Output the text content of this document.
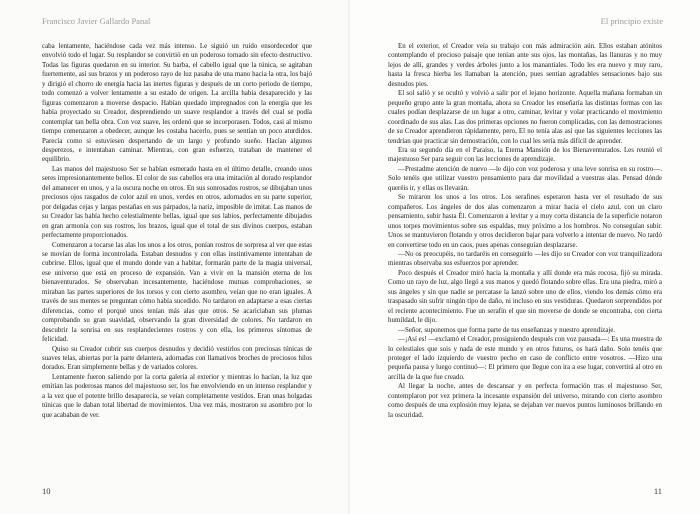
Francisco Javier Gallardo Panal

caba lentamente, haciéndose cada vez más intenso. Le siguió un ruido ensordecedor que envolvió todo el lugar. Su resplandor se convirtió en un poderoso tornado sin efecto destructivo. Todas las figuras quedaron en su interior. Su barba, el cabello igual que la túnica, se agitaban fuertemente, así sus brazos y un poderoso rayo de luz pasaba de una mano hacia la otra, los bajó y dirigió el chorro de energía hacia las inertes figuras y después de un corto periodo de tiempo, todo comenzó a volver lentamente a su estado de origen. La arcilla había desaparecido y las figuras comenzaron a moverse despacio. Habían quedado impregnados con la energía que les había proyectado su Creador, desprendiendo un suave resplandor a través del cual se podía contemplar tan bella obra. Con voz suave, les ordenó que se incorporasen. Todos, casi al mismo tiempo comenzaron a obedecer, aunque les costaba hacerlo, pues se sentían un poco aturdidos. Parecía como si estuviesen despertando de un largo y profundo sueño. Hacían algunos desperezos, e intentaban caminar. Mientras, con gran esfuerzo, trataban de mantener el equilibrio.

Las manos del majestuoso Ser se habían esmerado hasta en el último detalle, creando unos seres impresionantemente bellos. El color de sus cabellos era una imitación al dorado resplandor del amanecer en unos, y a la oscura noche en otros. En sus sonrosados rostros, se dibujaban unos preciosos ojos rasgados de color azul en unos, verdes en otros, adornados en su parte superior, por delgadas cejas y largas pestañas en sus párpados, la nariz, imposible de imitar. Las manos de su Creador las había hecho celestialmente bellas, igual que sus labios, perfectamente dibujados en gran armonía con sus rostros, los brazos, igual que el total de sus divinos cuerpos, estaban perfectamente proporcionados.

Comenzaron a tocarse las alas los unos a los otros, ponían rostros de sorpresa al ver que estas se movían de forma incontrolada. Estaban desnudos y con ellas instintivamente intentaban de cubrirse. Ellos, igual que el mundo donde van a habitar, formarán parte de la magia universal, ese universo que está en proceso de expansión. Van a vivir en la mansión eterna de los bienaventurados. Se observaban incesantemente, haciéndose mutuas comprobaciones, se miraban las partes superiores de los torsos y con cierto asombro, veían que no eran iguales. A través de sus mentes se preguntan cómo había sucedido. No tardaron en adaptarse a esas ciertas diferencias, como el porqué unos tenían más alas que otros. Se acariciaban sus plumas comprobando su gran suavidad, observando la gran diversidad de colores. No tardaron en descubrir la sonrisa en sus resplandecientes rostros y con ella, los primeros síntomas de felicidad.

Quiso su Creador cubrir sus cuerpos desnudos y decidió vestirlos con preciosas túnicas de suaves telas, abiertas por la parte delantera, adornadas con llamativos broches de preciosos hilos dorados. Eran simplemente bellas y de variados colores.

Lentamente fueron saliendo por la corta galería al exterior y mientras lo hacían, la luz que emitían las poderosas manos del majestuoso ser, los fue envolviendo en un intenso resplandor y a la vez que el potente brillo desaparecía, se veían completamente vestidos. Eran unas holgadas túnicas que le daban total libertad de movimientos. Una vez más, mostraron su asombro por lo que acababan de ver.

10
El principio existe

En el exterior, el Creador veía su trabajo con más admiración aún. Ellos estaban atónitos contemplando el precioso paisaje que tenían ante sus ojos, las montañas, las llanuras y no muy lejos de allí, grandes y verdes árboles junto a los manantiales. Todo les era nuevo y muy raro, hasta la fresca hierba les llamaban la atención, pues sentían agradables sensaciones bajo sus desnudos pies.

El sol salió y se ocultó y volvió a salir por el lejano horizonte. Aquella mañana formaban un pequeño grupo ante la gran montaña, ahora su Creador les enseñaría las distintas formas con las cuales podían desplazarse de un lugar a otro, caminar, levitar y volar practicando el movimiento coordinado de sus alas. Las dos primeras opciones no fueron complicadas, con las demostraciones de su Creador aprendieron rápidamente, pero, El no tenía alas así que las siguientes lecciones las tendrían que practicar sin demostración, con lo cual les sería más difícil de aprender.

Era su segundo día en el Paraíso, la Eterna Mansión de los Bienaventurados. Les reunió el majestuoso Ser para seguir con las lecciones de aprendizaje.

—Prestadme atención de nuevo —le dijo con voz poderosa y una leve sonrisa en su rostro—. Solo tenéis que utilizar vuestro pensamiento para dar movilidad a vuestras alas. Pensad dónde queréis ir, y ellas os llevarán.

Se miraron los unos a los otros. Los serafines esperaron hasta ver el resultado de sus compañeros. Los ángeles de dos alas comenzaron a mirar hacia el cielo azul, con un claro pensamiento, subir hasta Él. Comenzaron a levitar y a muy corta distancia de la superficie notaron unos torpes movimientos sobre sus espaldas, muy próximo a los hombros. No conseguían subir. Unos se mantuvieron flotando y otros decidieron bajar para volverlo a intentar de nuevo. No tardó en convertirse todo en un caos, pues apenas conseguían desplazarse.

—No os preocupéis, no tardaréis en conseguirlo —les dijo su Creador con voz tranquilizadora mientras observaba sus esfuerzos por aprender.

Poco después el Creador miró hacia la montaña y allí donde era más rocosa, fijó su mirada. Como un rayo de luz, algo llegó a sus manos y quedó flotando sobre ellas. Era una piedra, miró a sus ángeles y sin que nadie se percatase la lanzó sobre uno de ellos, viendo los demás cómo era traspasado sin sufrir ningún tipo de daño, ni incluso en sus vestiduras. Quedaron sorprendidos por el reciente acontecimiento. Fue un serafín el que sin moverse de donde se encontraba, con cierta humildad, le dijo.

—Señor, suponemos que forma parte de tus enseñanzas y nuestro aprendizaje.

—¡Así es! —exclamó el Creador, prosiguiendo después con voz pausada—: Es una muestra de lo celestiales que sois y nada de este mundo y en otros futuros, os hará daño. Solo tenéis que proteger el lado izquierdo de vuestro pecho en caso de conflicto entre vosotros. —Hizo una pequeña pausa y luego continuó—: El primero que llegue con ira a ese lugar, convertirá al otro en arcilla de la que fue creado.

Al llegar la noche, antes de descansar y en perfecta formación tras el majestuoso Ser, contemplaron por vez primera la incesante expansión del universo, mirando con cierto asombro como después de una explosión muy lejana, se dejaban ver nuevos puntos luminosos brillando en la oscuridad.

11
